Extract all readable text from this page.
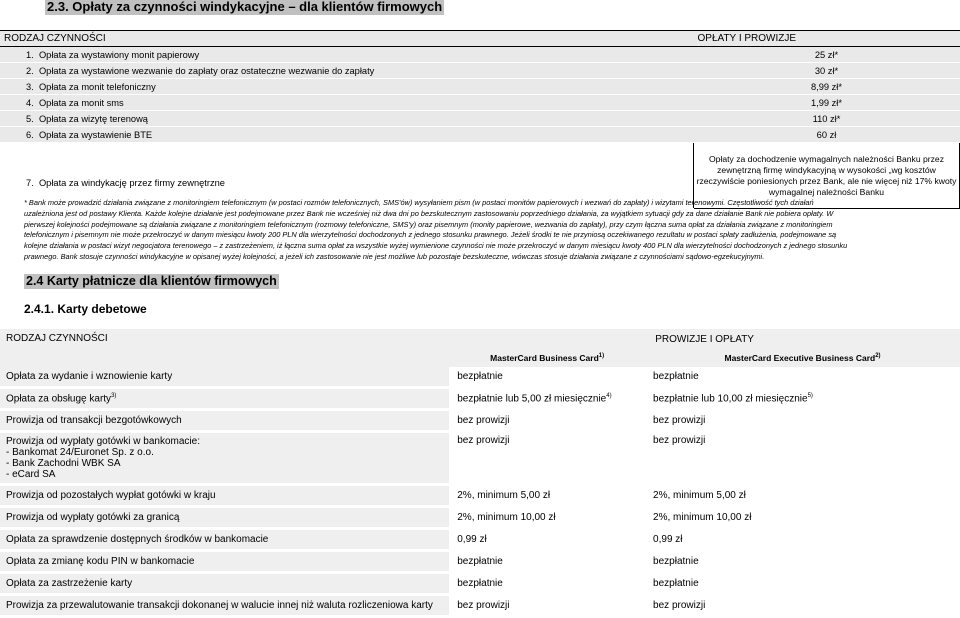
2.3. Opłaty za czynności windykacyjne – dla klientów firmowych
RODZAJ CZYNNOŚCI	OPŁATY I PROWIZJE
1. Opłata za wystawiony monit papierowy	25 zł*
2. Opłata za wystawione wezwanie do zapłaty oraz ostateczne wezwanie do zapłaty	30 zł*
3. Opłata za monit telefoniczny	8,99 zł*
4. Opłata za monit sms	1,99 zł*
5. Opłata za wizytę terenową	110 zł*
6. Opłata za wystawienie BTE	60 zł
7. Opłata za windykację przez firmy zewnętrzne	Opłaty za dochodzenie wymagalnych należności Banku przez zewnętrzną firmę windykacyjną w wysokości „wg kosztów rzeczywiście poniesionych przez Bank, ale nie więcej niż 17% kwoty wymagalnej należności Banku

* Bank może prowadzić działania związane z monitoringiem telefonicznym (w postaci rozmów telefonicznych, SMS'ów) wysyłaniem pism (w postaci monitów papierowych i wezwań do zapłaty) i wizytami terenowymi. Częstotliwość tych działań

uzależniona jest od postawy Klienta. Każde kolejne działanie jest podejmowane przez Bank nie wcześniej niż dwa dni po bezskutecznym zastosowaniu poprzedniego działania, za wyjątkiem sytuacji gdy za dane działanie Bank nie pobiera opłaty. W

pierwszej kolejności podejmowane są działania związane z monitoringiem telefonicznym (rozmowy telefoniczne, SMS'y) oraz pisemnym (monity papierowe, wezwania do zapłaty), przy czym łączna suma opłat za działania związane z monitoringiem

telefonicznym i pisemnym nie może przekroczyć w danym miesiącu kwoty 200 PLN dla wierzytelności dochodzonych z jednego stosunku prawnego. Jeżeli środki te nie przyniosą oczekiwanego rezultatu w postaci spłaty zadłużenia, podejmowane są

kolejne działania w postaci wizyt negocjatora terenowego – z zastrzeżeniem, iż łączna suma opłat za wszystkie wyżej wymienione czynności nie może przekroczyć w danym miesiącu kwoty 400 PLN dla wierzytelności dochodzonych z jednego stosunku

prawnego. Bank stosuje czynności windykacyjne w opisanej wyżej kolejności, a jeżeli ich zastosowanie nie jest możliwe lub pozostaje bezskuteczne, wówczas stosuje działania związane z czynnościami sądowo-egzekucyjnymi.

2.4 Karty płatnicze dla klientów firmowych
2.4.1. Karty debetowe
RODZAJ CZYNNOŚCI	PROWIZJE I OPŁATY	
	MasterCard Business Card$^{1)}$	MasterCard Executive Business Card$^{2)}$
Opłata za wydanie i wznowienie karty	bezpłatnie	bezpłatnie
Opłata za obsługę karty$^{3)}$	bezpłatnie lub 5,00 zł miesięcznie$^{4)}$	bezpłatnie lub 10,00 zł miesięcznie$^{5)}$
Prowizja od transakcji bezgotówkowych	bez prowizji	bez prowizji

Prowizja od wypłaty gotówki w bankomacie:
- Bankomat 24/Euronet Sp. z o.o.
- Bank Zachodni WBK SA
- eCard SA	bez prowizji	bez prowizji
Prowizja od pozostałych wypłat gotówki w kraju	2%, minimum 5,00 zł	2%, minimum 5,00 zł
Prowizja od wypłaty gotówki za granicą	2%, minimum 10,00 zł	2%, minimum 10,00 zł
Opłata za sprawdzenie dostępnych środków w bankomacie	0,99 zł	0,99 zł
Opłata za zmianę kodu PIN w bankomacie	bezpłatnie	bezpłatnie
Opłata za zastrzeżenie karty	bezpłatnie	bezpłatnie
Prowizja za przewalutowanie transakcji dokonanej w walucie innej niż waluta rozliczeniowa karty	bez prowizji	bez prowizji
